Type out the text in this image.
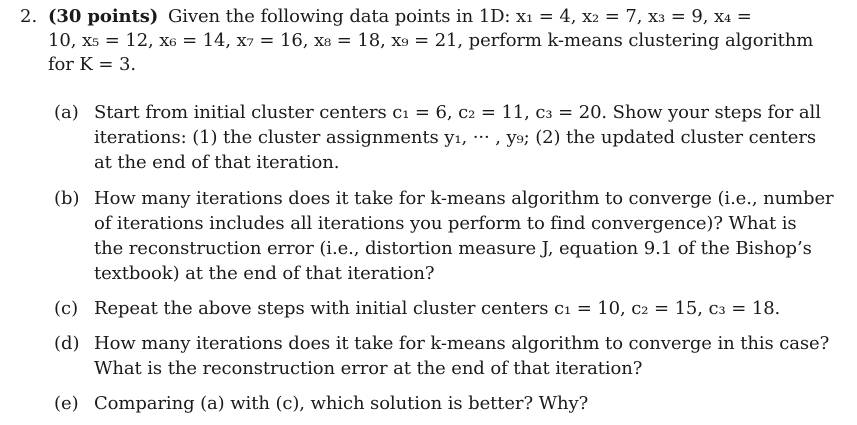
2. (30 points) Given the following data points in 1D: x₁ = 4, x₂ = 7, x₃ = 9, x₄ =
10, x₅ = 12, x₆ = 14, x₇ = 16, x₈ = 18, x₉ = 21, perform k-means clustering algorithm
for K = 3.
(a) Start from initial cluster centers c₁ = 6, c₂ = 11, c₃ = 20. Show your steps for all
iterations: (1) the cluster assignments y₁, ··· , y₉; (2) the updated cluster centers
at the end of that iteration.
(b) How many iterations does it take for k-means algorithm to converge (i.e., number
of iterations includes all iterations you perform to find convergence)? What is
the reconstruction error (i.e., distortion measure J, equation 9.1 of the Bishop’s
textbook) at the end of that iteration?
(c) Repeat the above steps with initial cluster centers c₁ = 10, c₂ = 15, c₃ = 18.
(d) How many iterations does it take for k-means algorithm to converge in this case?
What is the reconstruction error at the end of that iteration?
(e) Comparing (a) with (c), which solution is better? Why?
